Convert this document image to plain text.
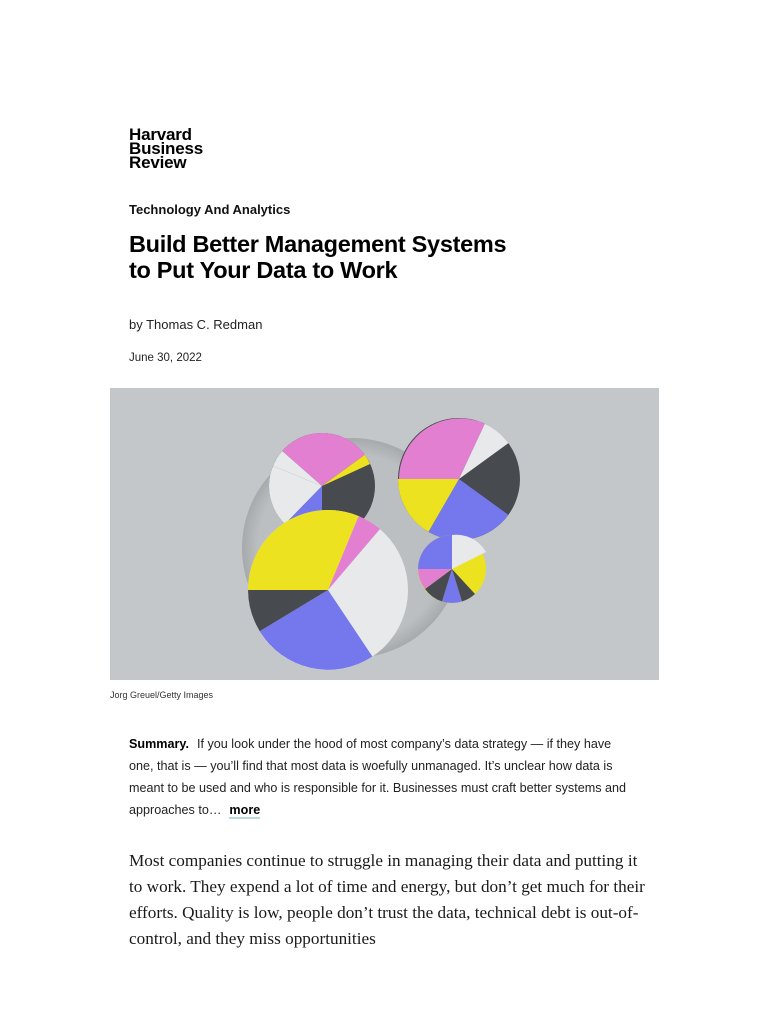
Harvard
Business
Review
Technology And Analytics
Build Better Management Systems to Put Your Data to Work
by Thomas C. Redman
June 30, 2022
Jorg Greuel/Getty Images
Summary. If you look under the hood of most company’s data strategy — if they have one, that is — you’ll find that most data is woefully unmanaged. It’s unclear how data is meant to be used and who is responsible for it. Businesses must craft better systems and approaches to… more

Most companies continue to struggle in managing their data and putting it to work. They expend a lot of time and energy, but don’t get much for their efforts. Quality is low, people don’t trust the data, technical debt is out-of-control, and they miss opportunities
